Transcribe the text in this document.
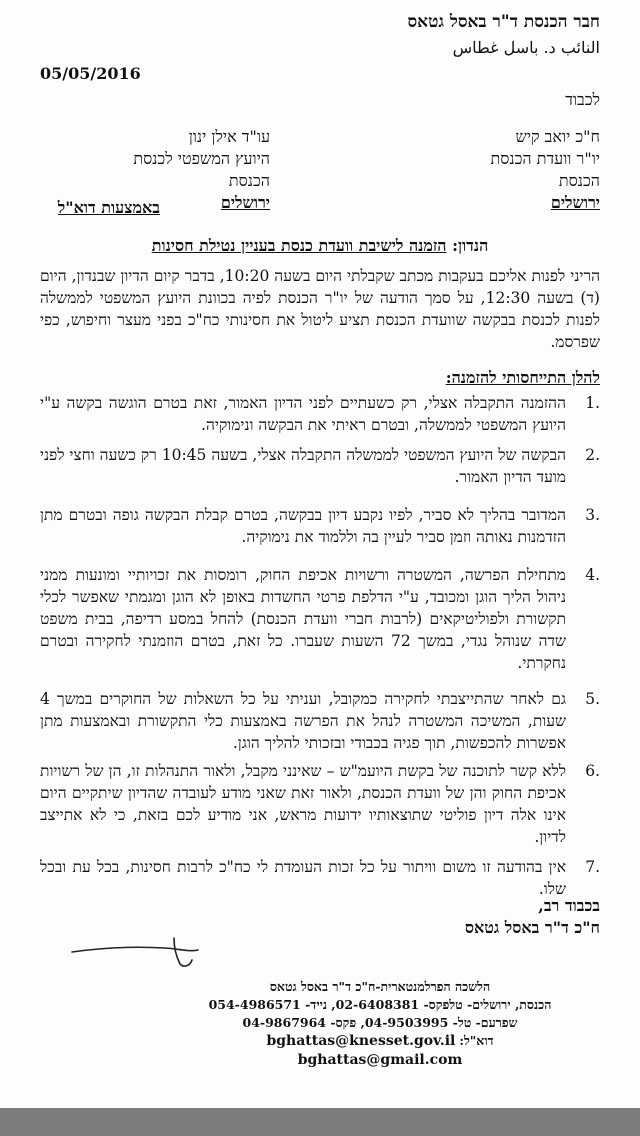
חבר הכנסת ד"ר באסל גטאס
النائب د. باسل غطاس
05/05/2016
לכבוד
ח"כ יואב קיש
יו"ר וועדת הכנסת
הכנסת
ירושלים
עו"ד אילן ינון
היועץ המשפטי לכנסת
הכנסת
ירושלים
באמצעות דוא"ל
הנדון: הזמנה לישיבת וועדת כנסת בעניין נטילת חסינות
הריני לפנות אליכם בעקבות מכתב שקבלתי היום בשעה 10:20, בדבר קיום הדיון שבנדון, היום (ד) בשעה 12:30, על סמך הודעה של יו"ר הכנסת לפיה בכוונת היועץ המשפטי לממשלה לפנות לכנסת בבקשה שוועדת הכנסת תציע ליטול את חסינותי כח"כ בפני מעצר וחיפוש, כפי שפרסמ.
להלן התייחסותי להזמנה:
.1
ההזמנה התקבלה אצלי, רק כשעתיים לפני הדיון האמור, זאת בטרם הוגשה בקשה ע"י היועץ המשפטי לממשלה, ובטרם ראיתי את הבקשה ונימוקיה.
.2
הבקשה של היועץ המשפטי לממשלה התקבלה אצלי, בשעה 10:45 רק כשעה וחצי לפני מועד הדיון האמור.
.3
המדובר בהליך לא סביר, לפיו נקבע דיון בבקשה, בטרם קבלת הבקשה גופה ובטרם מתן הזדמנות נאותה וזמן סביר לעיין בה וללמוד את נימוקיה.
.4
מתחילת הפרשה, המשטרה ורשויות אכיפת החוק, רומסות את זכויותיי ומונעות ממני ניהול הליך הוגן ומכובד, ע"י הדלפת פרטי החשדות באופן לא הוגן ומגמתי שאפשר לכלי תקשורת ולפוליטיקאים (לרבות חברי וועדת הכנסת) להחל במסע רדיפה, בבית משפט שדה שנוהל נגדי, במשך 72 השעות שעברו. כל זאת, בטרם הוזמנתי לחקירה ובטרם נחקרתי.
.5
גם לאחר שהתייצבתי לחקירה כמקובל, ועניתי על כל השאלות של החוקרים במשך 4 שעות, המשיכה המשטרה לנהל את הפרשה באמצעות כלי התקשורת ובאמצעות מתן אפשרות להכפשות, תוך פגיה בכבודי ובזכותי להליך הוגן.
.6
ללא קשר לתוכנה של בקשת היועמ"ש – שאינני מקבל, ולאור התנהלות זו, הן של רשויות אכיפת החוק והן של וועדת הכנסת, ולאור זאת שאני מודע לעובדה שהדיון שיתקיים היום אינו אלה דיון פוליטי שתוצאותיו ידועות מראש, אני מודיע לכם בזאת, כי לא אתייצב לדיון.
.7
אין בהודעה זו משום וויתור על כל זכות העומדת לי כח"כ לרבות חסינות, בכל עת ובכל שלו.
בכבוד רב,
ח"כ ד"ר באסל גטאס
הלשכה הפרלמנטארית-ח"כ ד"ר באסל גטאס
הכנסת, ירושלים- טלפקס- 02-6408381, נייד- 054-4986571
שפרעם- טל- 04-9503995, פקס- 04-9867964
דוא"ל: bghattas@knesset.gov.il
bghattas@gmail.com
